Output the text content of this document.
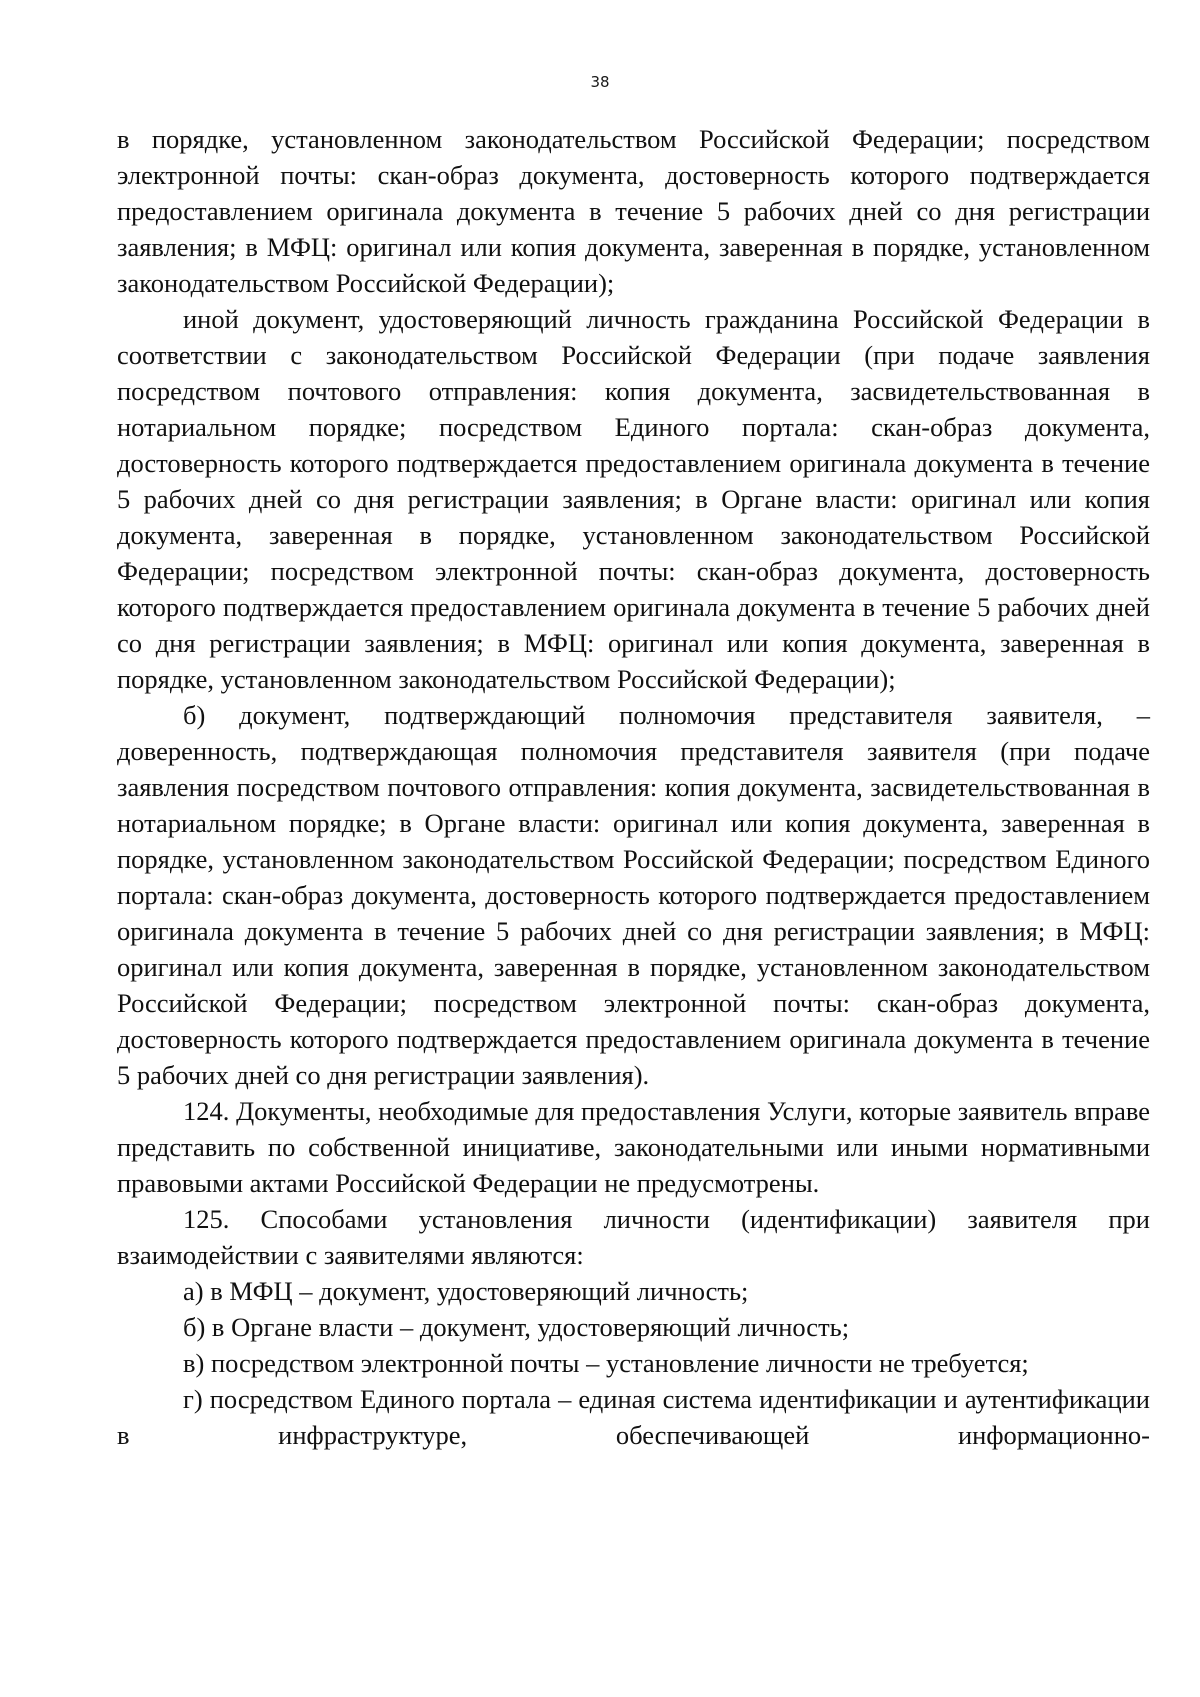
38

в порядке, установленном законодательством Российской Федерации; посредством электронной почты: скан-образ документа, достоверность которого подтверждается предоставлением оригинала документа в течение 5 рабочих дней со дня регистрации заявления; в МФЦ: оригинал или копия документа, заверенная в порядке, установленном законодательством Российской Федерации);

иной документ, удостоверяющий личность гражданина Российской Федерации в соответствии с законодательством Российской Федерации (при подаче заявления посредством почтового отправления: копия документа, засвидетельствованная в нотариальном порядке; посредством Единого портала: скан-образ документа, достоверность которого подтверждается предоставлением оригинала документа в течение 5 рабочих дней со дня регистрации заявления; в Органе власти: оригинал или копия документа, заверенная в порядке, установленном законодательством Российской Федерации; посредством электронной почты: скан-образ документа, достоверность которого подтверждается предоставлением оригинала документа в течение 5 рабочих дней со дня регистрации заявления; в МФЦ: оригинал или копия документа, заверенная в порядке, установленном законодательством Российской Федерации);

б) документ, подтверждающий полномочия представителя заявителя, – доверенность, подтверждающая полномочия представителя заявителя (при подаче заявления посредством почтового отправления: копия документа, засвидетельствованная в нотариальном порядке; в Органе власти: оригинал или копия документа, заверенная в порядке, установленном законодательством Российской Федерации; посредством Единого портала: скан-образ документа, достоверность которого подтверждается предоставлением оригинала документа в течение 5 рабочих дней со дня регистрации заявления; в МФЦ: оригинал или копия документа, заверенная в порядке, установленном законодательством Российской Федерации; посредством электронной почты: скан-образ документа, достоверность которого подтверждается предоставлением оригинала документа в течение 5 рабочих дней со дня регистрации заявления).

124. Документы, необходимые для предоставления Услуги, которые заявитель вправе представить по собственной инициативе, законодательными или иными нормативными правовыми актами Российской Федерации не предусмотрены.

125. Способами установления личности (идентификации) заявителя при взаимодействии с заявителями являются:

а) в МФЦ – документ, удостоверяющий личность;

б) в Органе власти – документ, удостоверяющий личность;

в) посредством электронной почты – установление личности не требуется;

г) посредством Единого портала – единая система идентификации и аутентификации в инфраструктуре, обеспечивающей информационно-
